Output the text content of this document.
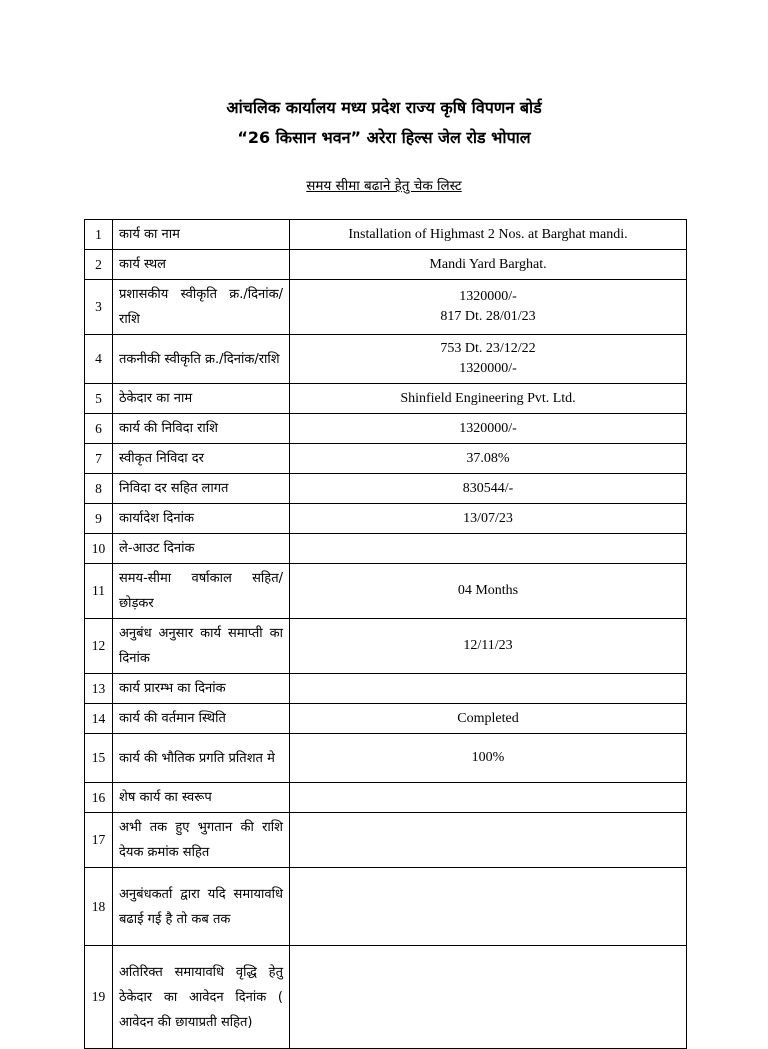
आंचलिक कार्यालय मध्य प्रदेश राज्य कृषि विपणन बोर्ड
“26 किसान भवन” अरेरा हिल्स जेल रोड भोपाल
समय सीमा बढाने हेतु चेक लिस्ट
1	कार्य का नाम	Installation of Highmast 2 Nos. at Barghat mandi.
2	कार्य स्थल	Mandi Yard Barghat.
3	प्रशासकीय स्वीकृति क्र./दिनांक/राशि	1320000/-
817 Dt. 28/01/23

4	तकनीकी स्वीकृति क्र./दिनांक/राशि	753 Dt. 23/12/22
1320000/-

5	ठेकेदार का नाम	Shinfield Engineering Pvt. Ltd.
6	कार्य की निविदा राशि	1320000/-
7	स्वीकृत निविदा दर	37.08%
8	निविदा दर सहित लागत	830544/-
9	कार्यादेश दिनांक	13/07/23
10	ले-आउट दिनांक	
11	समय-सीमा वर्षाकाल सहित/छोड़कर	04 Months
12	अनुबंध अनुसार कार्य समाप्ती का दिनांक	12/11/23
13	कार्य प्रारम्भ का दिनांक	
14	कार्य की वर्तमान स्थिति	Completed
15	कार्य की भौतिक प्रगति प्रतिशत मे	100%
16	शेष कार्य का स्वरूप	
17	अभी तक हुए भुगतान की राशि देयक क्रमांक सहित	
18	अनुबंधकर्ता द्वारा यदि समायावधि बढाई गई है तो कब तक	
19	अतिरिक्त समायावधि वृद्धि हेतु ठेकेदार का आवेदन दिनांक ( आवेदन की छायाप्रती सहित)	
